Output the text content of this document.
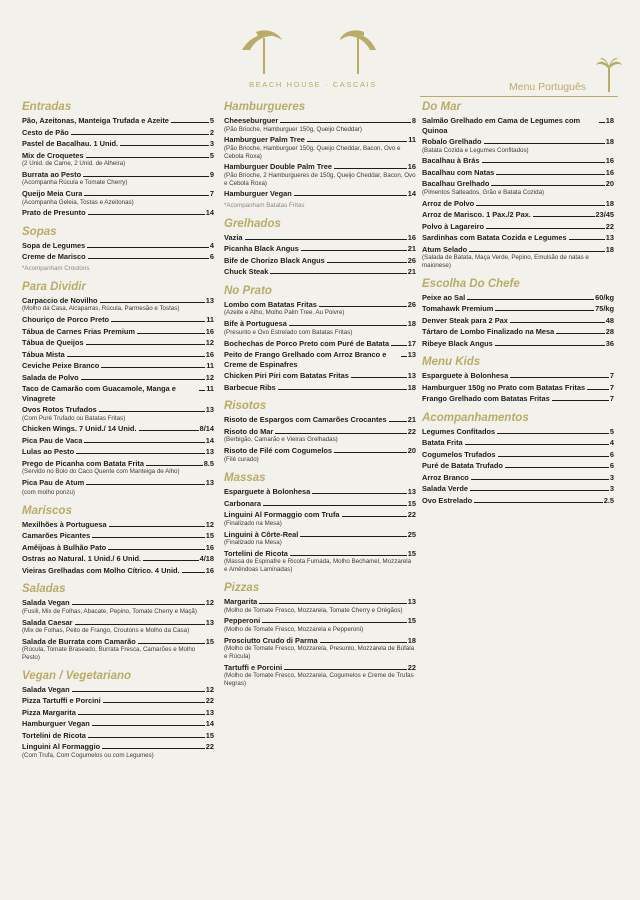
BEACH HOUSE · CASCAIS	Menu Português
Entradas
Pão, Azeitonas, Manteiga Trufada e Azeite	5
Cesto de Pão	2
Pastel de Bacalhau. 1 Unid.	3
Mix de Croquetes	5
(2 Unid. de Carne, 2 Unid. de Alheira)
Burrata ao Pesto	9
(Acompanha Rúcula e Tomate Cherry)
Queijo Meia Cura	7
(Acompanha Geleia, Tostas e Azeitonas)
Prato de Presunto	14
Sopas
Sopa de Legumes	4
Creme de Marisco	6
*Acompanham Croutons
Para Dividir
Carpaccio de Novilho	13
(Molho da Casa, Alcaparras, Rúcula, Parmesão e Tostas)
Chouriço de Porco Preto	11
Tábua de Carnes Frias Premium	16
Tábua de Queijos	12
Tábua Mista	16
Ceviche Peixe Branco	11
Salada de Polvo	12
Taco de Camarão com Guacamole, Manga e Vinagrete
11
Ovos Rotos Trufados	13
(Com Puré Trufado ou Batatas Fritas)
Chicken Wings. 7 Unid./ 14 Unid.	8/14
Pica Pau de Vaca	14
Lulas ao Pesto	13
Prego de Picanha com Batata Frita	8.5
(Servido no Bolo do Caco Quente com Manteiga de Alho)
Pica Pau de Atum	13
(com molho ponzu)
Mariscos
Mexilhões à Portuguesa	12
Camarões Picantes	15
Amêijoas à Bulhão Pato	16
Ostras ao Natural. 1 Unid./ 6 Unid.	4/18
Vieiras Grelhadas com Molho Cítrico. 4 Unid.	16
Saladas
Salada Vegan	12
(Fusili, Mix de Folhas, Abacate, Pepino, Tomate Cherry e Maçã)
Salada Caesar	13
(Mix de Folhas, Peito de Frango, Croutons e Molho da Casa)
Salada de Burrata com Camarão	15
(Rúcula, Tomate Braseado, Burrata Fresca, Camarões e Molho Pesto)
Vegan / Vegetariano
Salada Vegan	12
Pizza Tartuffi e Porcini	22
Pizza Margarita	13
Hamburguer Vegan	14
Tortelini de Ricota	15
Linguini Al Formaggio	22
(Com Trufa, Com Cogumelos ou com Legumes)
Hamburgueres
Cheeseburguer	8
(Pão Brioche, Hamburguer 150g, Queijo Cheddar)
Hamburguer Palm Tree	11
(Pão Brioche, Hamburguer 150g, Queijo Cheddar, Bacon, Ovo e Cebola Roxa)
Hamburguer Double Palm Tree	16
(Pão Brioche, 2 Hamburgueres de 150g, Queijo Cheddar, Bacon, Ovo e Cebola Roxa)
Hamburguer Vegan	14
*Acompanham Batatas Fritas
Grelhados
Vazia	16
Picanha Black Angus	21
Bife de Chorizo Black Angus	26
Chuck Steak	21
No Prato
Lombo com Batatas Fritas	26
(Azeite e Alho, Molho Palm Tree. Au Poivre)
Bife à Portuguesa	18
(Presunto e Ovo Estrelado com Batatas Fritas)
Bochechas de Porco Preto com Puré de Batata	17
Peito de Frango Grelhado com Arroz Branco e Creme de Espinafres
13
Chicken Piri Piri com Batatas Fritas	13
Barbecue Ribs	18
Risotos
Risoto de Espargos com Camarões Crocantes	21
Risoto do Mar	22
(Berbigão, Camarão e Vieiras Grelhadas)
Risoto de Filé com Cogumelos	20
(Filé curado)
Massas
Esparguete à Bolonhesa	13
Carbonara	15
Linguini Al Formaggio com Trufa	22
(Finalizado na Mesa)
Linguini à Côrte-Real	25
(Finalizado na Mesa)
Tortelini de Ricota	15
(Massa de Espinafre e Ricota Fumada, Molho Bechamel, Mozzarela e Amêndoas Laminadas)
Pizzas
Margarita	13
(Molho de Tomate Fresco, Mozzarela, Tomate Cherry e Orégãos)
Pepperoni	15
(Molho de Tomate Fresco, Mozzarela e Pepperoni)
Prosciutto Crudo di Parma	18
(Molho de Tomate Fresco, Mozzarela, Presunto, Mozzarela de Búfala e Rúcula)
Tartuffi e Porcini	22
(Molho de Tomate Fresco, Mozzarela, Cogumelos e Creme de Trufas Negras)
Do Mar
Salmão Grelhado em Cama de Legumes com Quinoa
18
Robalo Grelhado	18
(Batata Cozida e Legumes Confitados)
Bacalhau à Brás	16
Bacalhau com Natas	16
Bacalhau Grelhado	20
(Pimentos Salteados, Grão e Batata Cozida)
Arroz de Polvo	18
Arroz de Marisco. 1 Pax./2 Pax.	23/45
Polvo à Lagareiro	22
Sardinhas com Batata Cozida e Legumes	13
Atum Selado	18
(Salada de Batata, Maça Verde, Pepino, Emulsão de natas e maionese)
Escolha Do Chefe
Peixe ao Sal	60/kg
Tomahawk Premium	75/kg
Denver Steak para 2 Pax	48
Tártaro de Lombo Finalizado na Mesa	28
Ribeye Black Angus	36
Menu Kids
Esparguete à Bolonhesa	7
Hamburguer 150g no Prato com Batatas Fritas	7
Frango Grelhado com Batatas Fritas	7
Acompanhamentos
Legumes Confitados	5
Batata Frita	4
Cogumelos Trufados	6
Puré de Batata Trufado	6
Arroz Branco	3
Salada Verde	3
Ovo Estrelado	2.5
